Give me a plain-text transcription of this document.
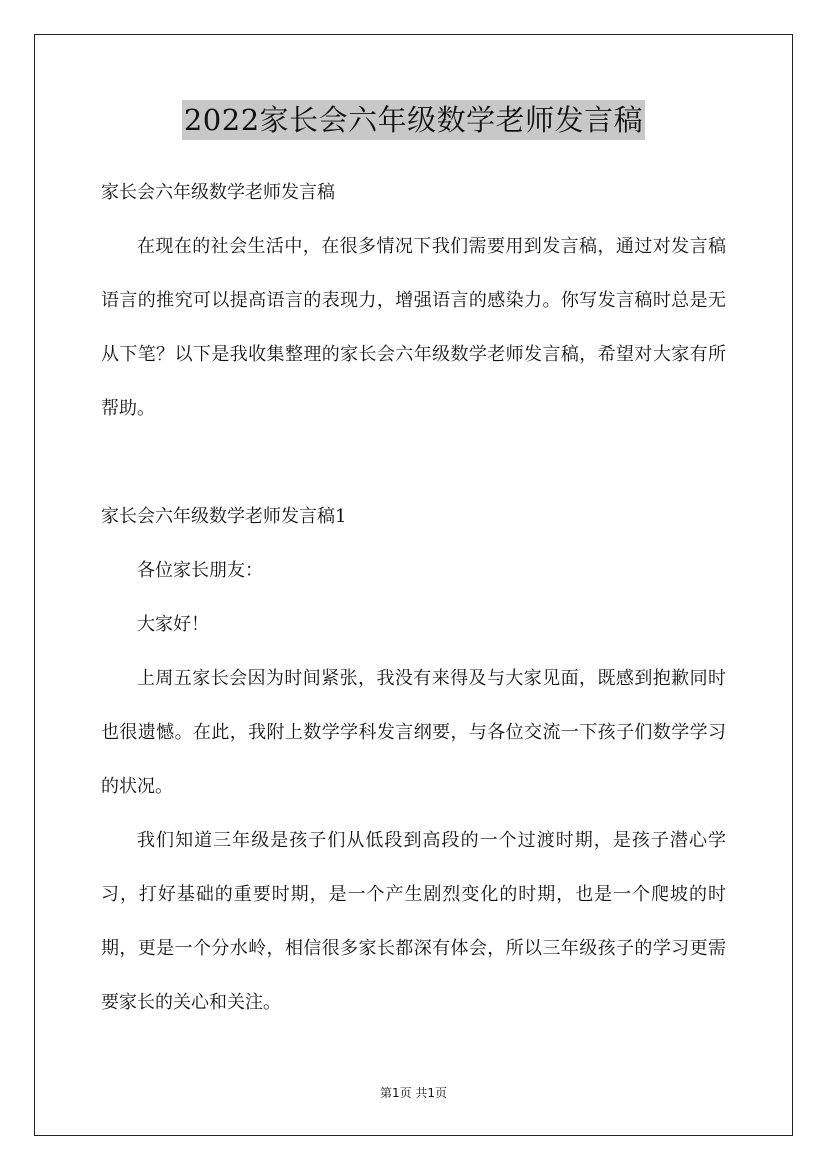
2022家长会六年级数学老师发言稿

家长会六年级数学老师发言稿

在现在的社会生活中，在很多情况下我们需要用到发言稿，通过对发言稿语言的推究可以提高语言的表现力，增强语言的感染力。你写发言稿时总是无从下笔？以下是我收集整理的家长会六年级数学老师发言稿，希望对大家有所帮助。

家长会六年级数学老师发言稿1

各位家长朋友：

大家好！

上周五家长会因为时间紧张，我没有来得及与大家见面，既感到抱歉同时也很遗憾。在此，我附上数学学科发言纲要，与各位交流一下孩子们数学学习的状况。

我们知道三年级是孩子们从低段到高段的一个过渡时期，是孩子潜心学习，打好基础的重要时期，是一个产生剧烈变化的时期，也是一个爬坡的时期，更是一个分水岭，相信很多家长都深有体会，所以三年级孩子的学习更需要家长的关心和关注。

第1页 共1页
